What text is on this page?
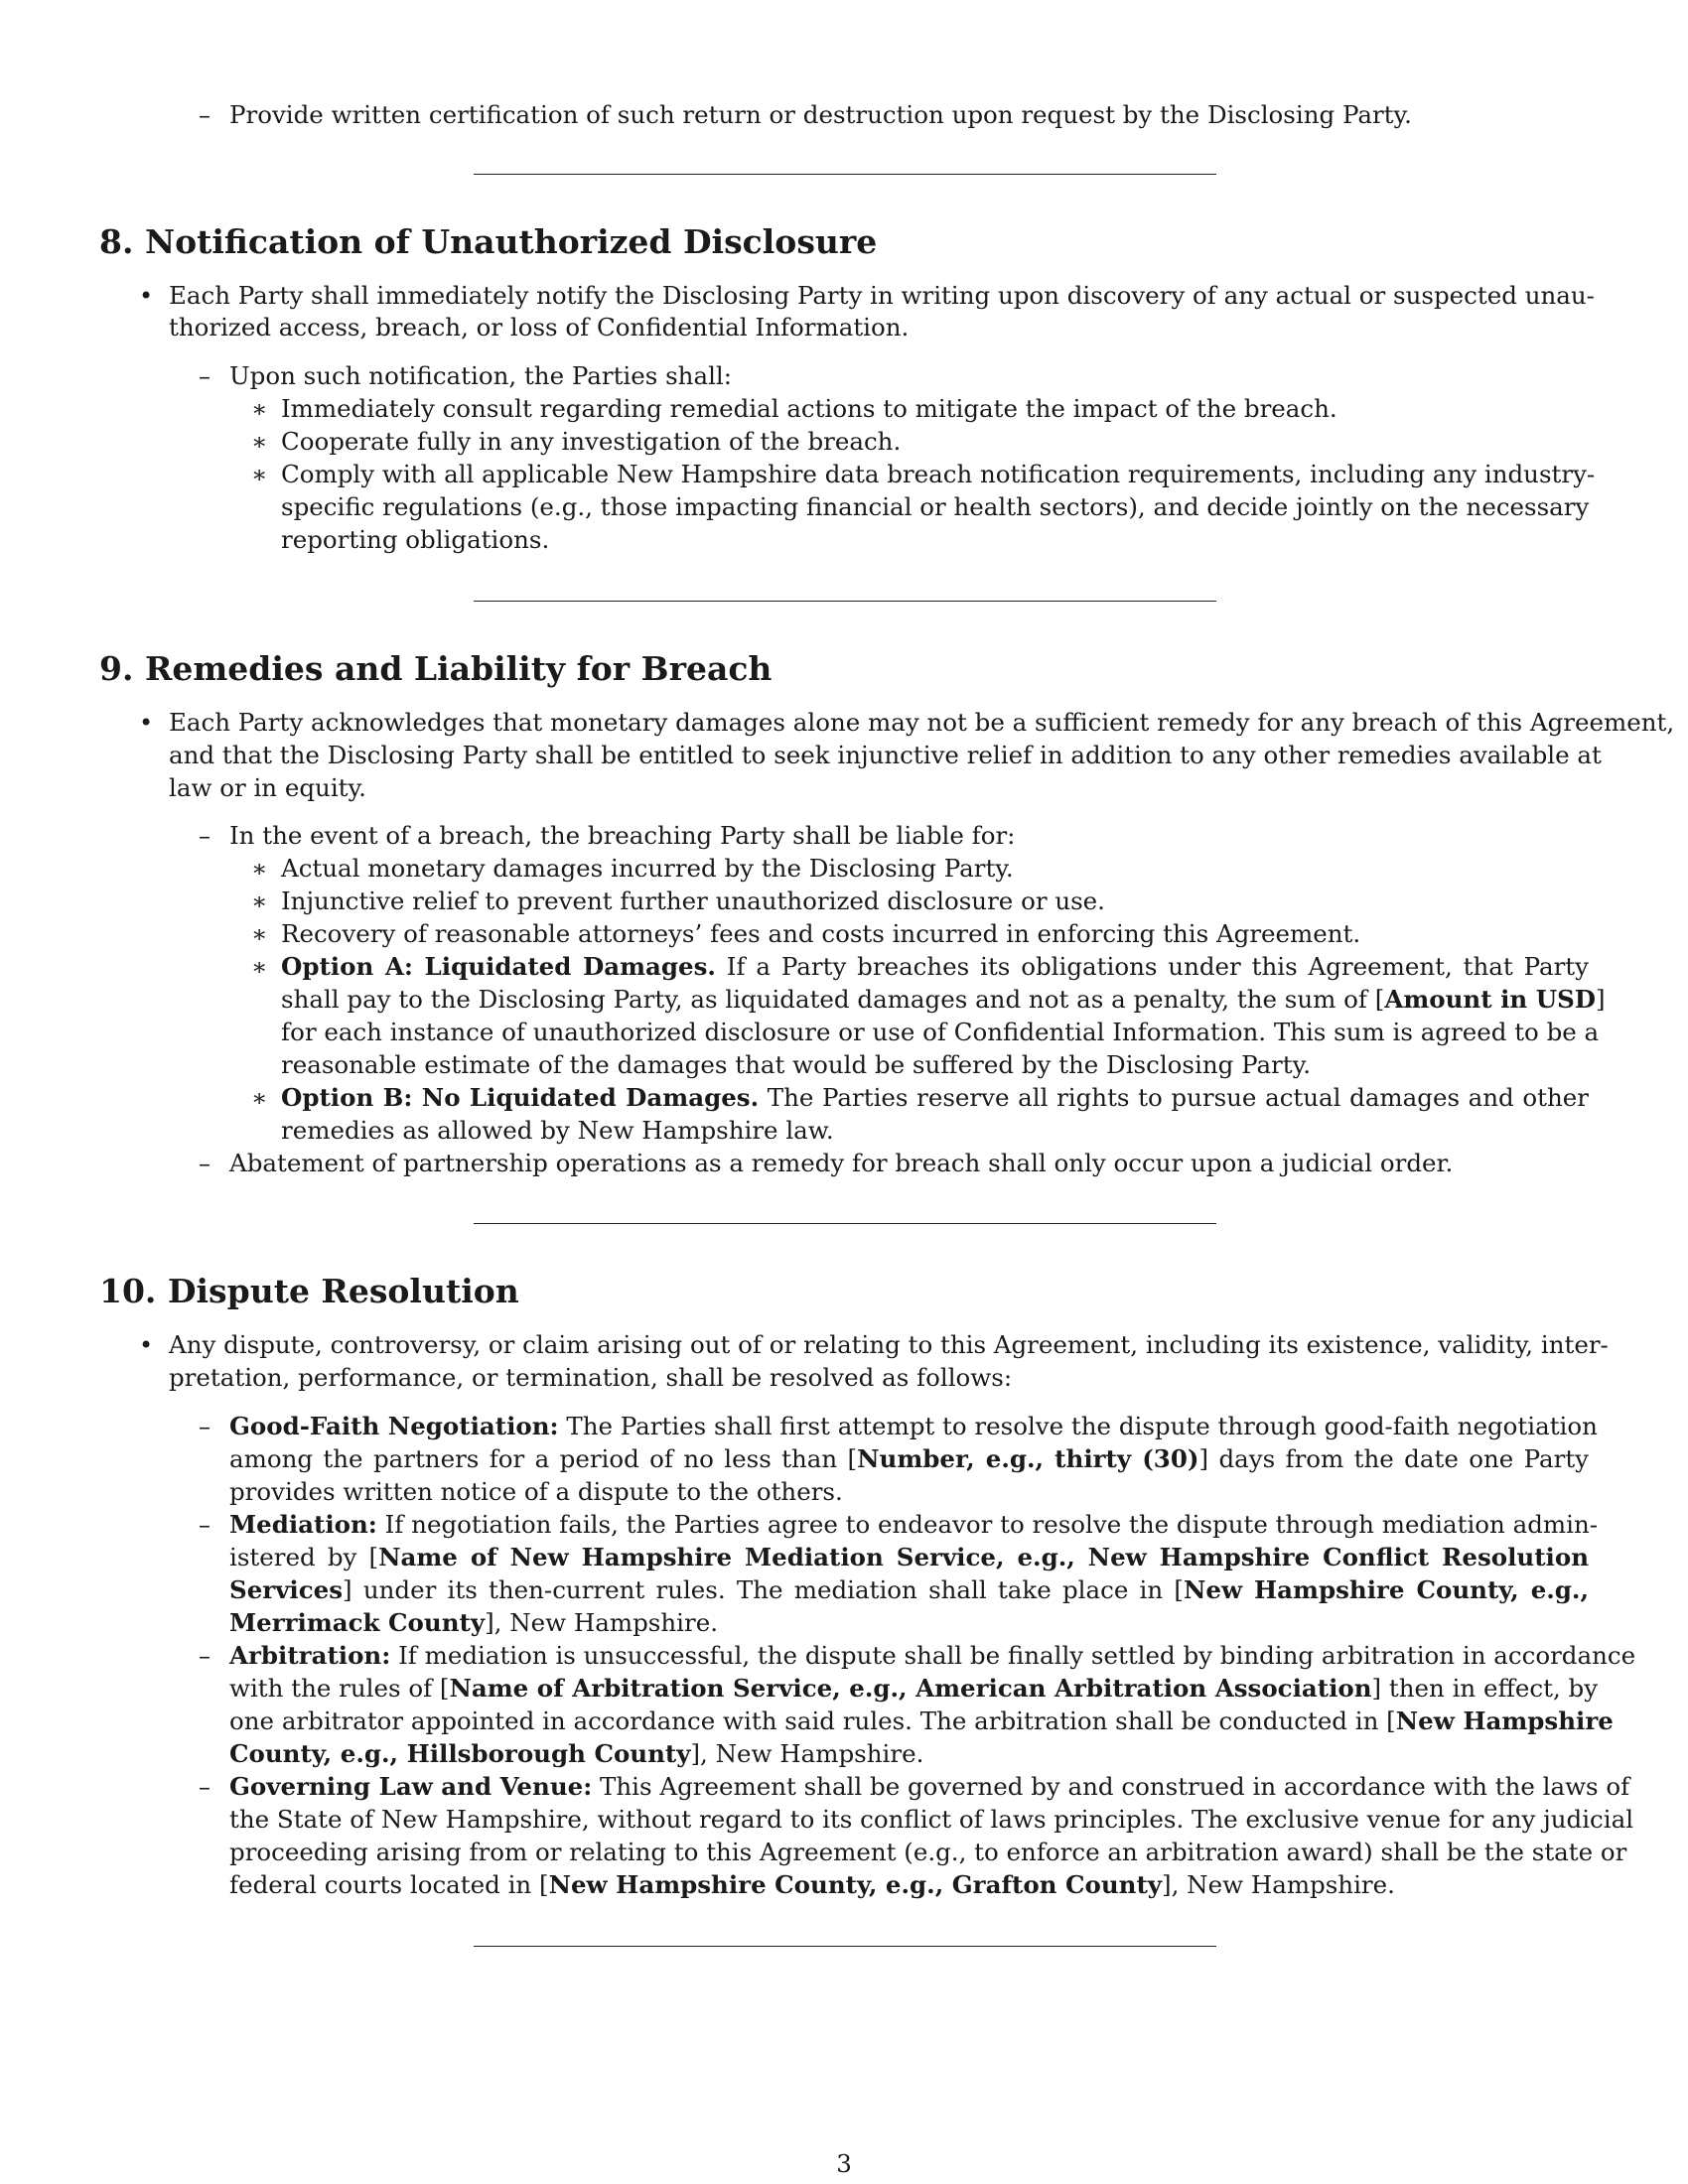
– Provide written certification of such return or destruction upon request by the Disclosing Party.
8. Notification of Unauthorized Disclosure
• Each Party shall immediately notify the Disclosing Party in writing upon discovery of any actual or suspected unau-
thorized access, breach, or loss of Confidential Information.
– Upon such notification, the Parties shall:
∗ Immediately consult regarding remedial actions to mitigate the impact of the breach.
∗ Cooperate fully in any investigation of the breach.
∗ Comply with all applicable New Hampshire data breach notification requirements, including any industry-
specific regulations (e.g., those impacting financial or health sectors), and decide jointly on the necessary
reporting obligations.
9. Remedies and Liability for Breach
• Each Party acknowledges that monetary damages alone may not be a sufficient remedy for any breach of this Agreement,
and that the Disclosing Party shall be entitled to seek injunctive relief in addition to any other remedies available at
law or in equity.
– In the event of a breach, the breaching Party shall be liable for:
∗ Actual monetary damages incurred by the Disclosing Party.
∗ Injunctive relief to prevent further unauthorized disclosure or use.
∗ Recovery of reasonable attorneys’ fees and costs incurred in enforcing this Agreement.
∗ Option A: Liquidated Damages. If a Party breaches its obligations under this Agreement, that Party
shall pay to the Disclosing Party, as liquidated damages and not as a penalty, the sum of [Amount in USD]
for each instance of unauthorized disclosure or use of Confidential Information. This sum is agreed to be a
reasonable estimate of the damages that would be suffered by the Disclosing Party.
∗ Option B: No Liquidated Damages. The Parties reserve all rights to pursue actual damages and other
remedies as allowed by New Hampshire law.
– Abatement of partnership operations as a remedy for breach shall only occur upon a judicial order.
10. Dispute Resolution
• Any dispute, controversy, or claim arising out of or relating to this Agreement, including its existence, validity, inter-
pretation, performance, or termination, shall be resolved as follows:
– Good-Faith Negotiation: The Parties shall first attempt to resolve the dispute through good-faith negotiation
among the partners for a period of no less than [Number, e.g., thirty (30)] days from the date one Party
provides written notice of a dispute to the others.
– Mediation: If negotiation fails, the Parties agree to endeavor to resolve the dispute through mediation admin-
istered by [Name of New Hampshire Mediation Service, e.g., New Hampshire Conflict Resolution
Services] under its then-current rules. The mediation shall take place in [New Hampshire County, e.g.,
Merrimack County], New Hampshire.
– Arbitration: If mediation is unsuccessful, the dispute shall be finally settled by binding arbitration in accordance
with the rules of [Name of Arbitration Service, e.g., American Arbitration Association] then in effect, by
one arbitrator appointed in accordance with said rules. The arbitration shall be conducted in [New Hampshire
County, e.g., Hillsborough County], New Hampshire.
– Governing Law and Venue: This Agreement shall be governed by and construed in accordance with the laws of
the State of New Hampshire, without regard to its conflict of laws principles. The exclusive venue for any judicial
proceeding arising from or relating to this Agreement (e.g., to enforce an arbitration award) shall be the state or
federal courts located in [New Hampshire County, e.g., Grafton County], New Hampshire.
3
